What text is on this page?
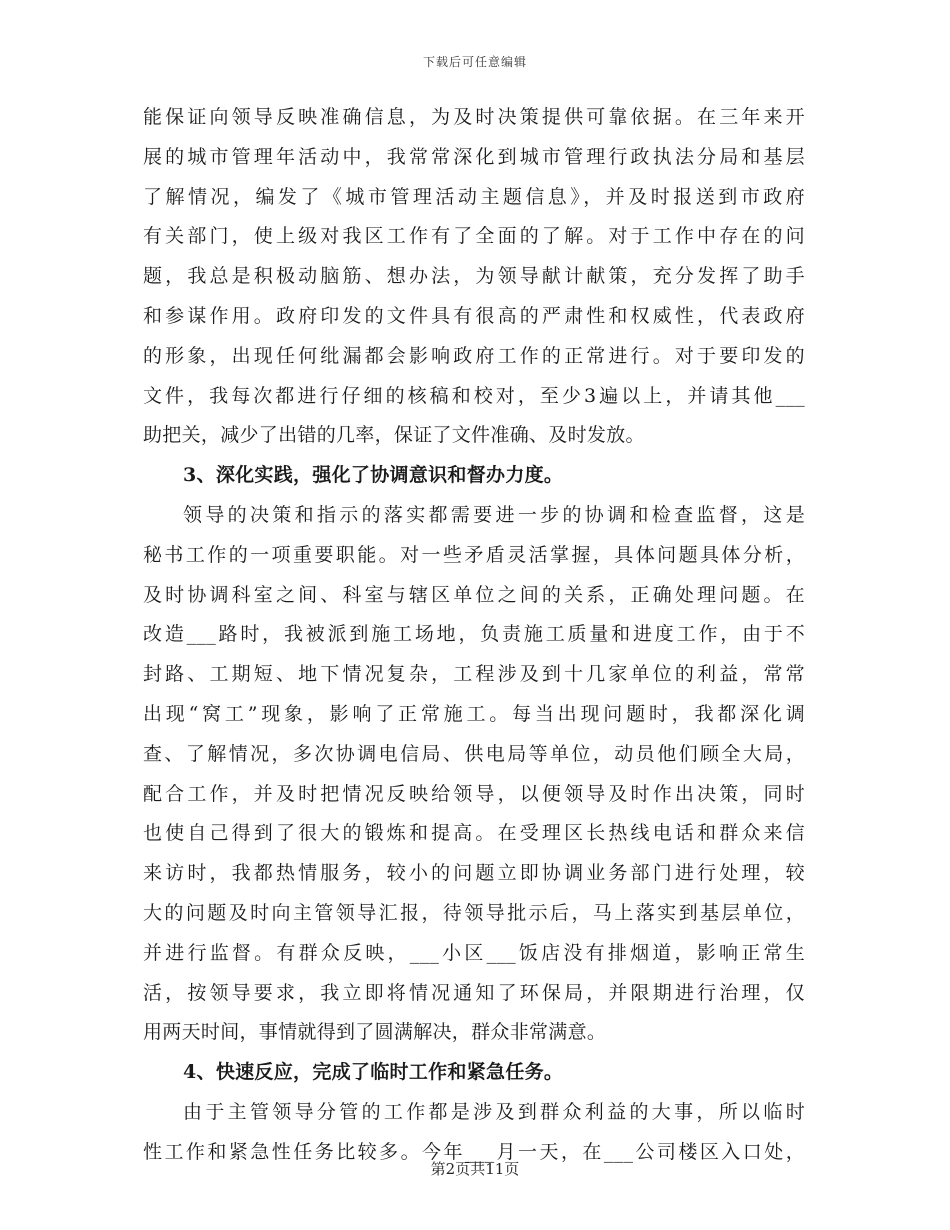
下载后可任意编辑
能保证向领导反映准确信息，为及时决策提供可靠依据。在三年来开
展的城市管理年活动中，我常常深化到城市管理行政执法分局和基层
了解情况，编发了《城市管理活动主题信息》，并及时报送到市政府
有关部门，使上级对我区工作有了全面的了解。对于工作中存在的问
题，我总是积极动脑筋、想办法，为领导献计献策，充分发挥了助手
和参谋作用。政府印发的文件具有很高的严肃性和权威性，代表政府
的形象，出现任何纰漏都会影响政府工作的正常进行。对于要印发的
文件，我每次都进行仔细的核稿和校对，至少3遍以上，并请其他___
助把关，减少了出错的几率，保证了文件准确、及时发放。
3、深化实践，强化了协调意识和督办力度。
领导的决策和指示的落实都需要进一步的协调和检查监督，这是
秘书工作的一项重要职能。对一些矛盾灵活掌握，具体问题具体分析，
及时协调科室之间、科室与辖区单位之间的关系，正确处理问题。在
改造___路时，我被派到施工场地，负责施工质量和进度工作，由于不
封路、工期短、地下情况复杂，工程涉及到十几家单位的利益，常常
出现“窝工”现象，影响了正常施工。每当出现问题时，我都深化调
查、了解情况，多次协调电信局、供电局等单位，动员他们顾全大局，
配合工作，并及时把情况反映给领导，以便领导及时作出决策，同时
也使自己得到了很大的锻炼和提高。在受理区长热线电话和群众来信
来访时，我都热情服务，较小的问题立即协调业务部门进行处理，较
大的问题及时向主管领导汇报，待领导批示后，马上落实到基层单位，
并进行监督。有群众反映，___小区___饭店没有排烟道，影响正常生
活，按领导要求，我立即将情况通知了环保局，并限期进行治理，仅
用两天时间，事情就得到了圆满解决，群众非常满意。
4、快速反应，完成了临时工作和紧急任务。
由于主管领导分管的工作都是涉及到群众利益的大事，所以临时
性工作和紧急性任务比较多。今年___月一天，在___公司楼区入口处，
第2页共11页
